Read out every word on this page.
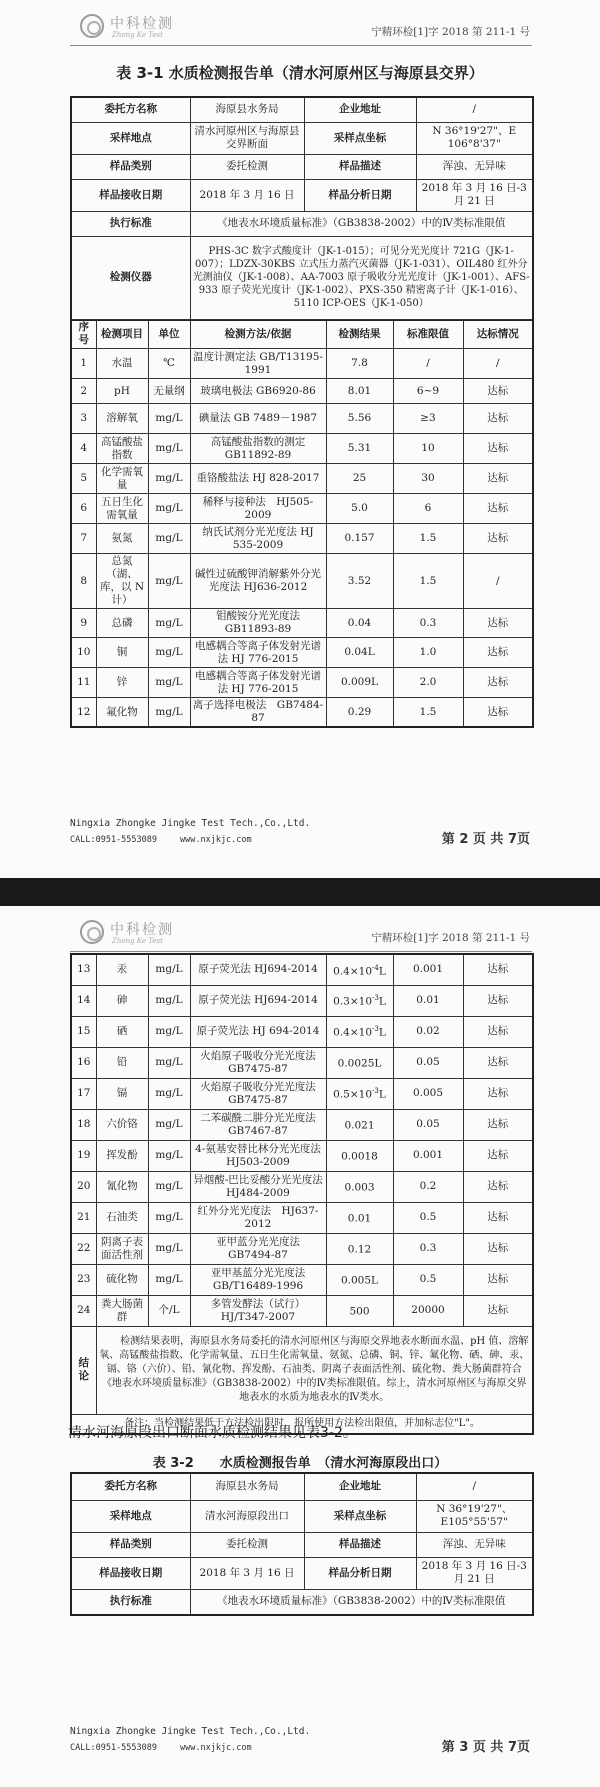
中科检测
Zhong Ke Test	宁精环检[1]字 2018 第 211-1 号
表 3-1 水质检测报告单（清水河原州区与海原县交界）
委托方名称	海原县水务局	企业地址	/
采样地点	清水河原州区与海原县交界断面	采样点坐标	N 36°19'27"、E 106°8'37"
样品类别	委托检测	样品描述	浑浊、无异味
样品接收日期	2018 年 3 月 16 日	样品分析日期	2018 年 3 月 16 日-3 月 21 日
执行标准	《地表水环境质量标准》（GB3838-2002）中的Ⅳ类标准限值		
检测仪器	PHS-3C 数字式酸度计（JK-1-015）；可见分光光度计 721G（JK-1-007）；LDZX-30KBS 立式压力蒸汽灭菌器（JK-1-031）、OIL480 红外分光测油仪（JK-1-008）、AA-7003 原子吸收分光光度计（JK-1-001）、AFS-933 原子荧光光度计（JK-1-002）、PXS-350 精密离子计（JK-1-016）、5110 ICP-OES（JK-1-050）		
序号	检测项目	单位	检测方法/依据	检测结果	标准限值	达标情况
1	水温	℃	温度计测定法 GB/T13195-1991	7.8	/	/
2	pH	无量纲	玻璃电极法 GB6920-86	8.01	6~9	达标
3	溶解氧	mg/L	碘量法 GB 7489－1987	5.56	≥3	达标
4	高锰酸盐指数	mg/L	高锰酸盐指数的测定 GB11892-89	5.31	10	达标
5	化学需氧量	mg/L	重铬酸盐法 HJ 828-2017	25	30	达标
6	五日生化需氧量	mg/L	稀释与接种法　HJ505-2009	5.0	6	达标
7	氨氮	mg/L	纳氏试剂分光光度法 HJ 535-2009	0.157	1.5	达标
8	总氮（湖、库，以 N 计）	mg/L	碱性过硫酸钾消解紫外分光光度法 HJ636-2012	3.52	1.5	/
9	总磷	mg/L	钼酸铵分光光度法 GB11893-89	0.04	0.3	达标
10	铜	mg/L	电感耦合等离子体发射光谱法 HJ 776-2015	0.04L	1.0	达标
11	锌	mg/L	电感耦合等离子体发射光谱法 HJ 776-2015	0.009L	2.0	达标
12	氟化物	mg/L	离子选择电极法　GB7484-87	0.29	1.5	达标
Ningxia Zhongke Jingke Test Tech.,Co.,Ltd.
CALL:0951-5553089	www.nxjkjc.com	第 2 页 共 7页
中科检测
Zhong Ke Test	宁精环检[1]字 2018 第 211-1 号
13	汞	mg/L	原子荧光法 HJ694-2014	$0.4\times 10^{-4}L$	0.001	达标
14	砷	mg/L	原子荧光法 HJ694-2014	$0.3\times 10^{-3}L$	0.01	达标
15	硒	mg/L	原子荧光法 HJ 694-2014	$0.4\times 10^{-3}L$	0.02	达标
16	铅	mg/L	火焰原子吸收分光光度法 GB7475-87	0.0025L	0.05	达标
17	镉	mg/L	火焰原子吸收分光光度法 GB7475-87	$0.5\times 10^{-3}L$	0.005	达标
18	六价铬	mg/L	二苯碳酰二肼分光光度法 GB7467-87	0.021	0.05	达标
19	挥发酚	mg/L	4-氨基安替比林分光光度法 HJ503-2009	0.0018	0.001	达标
20	氰化物	mg/L	异烟酸-巴比妥酸分光光度法 HJ484-2009	0.003	0.2	达标
21	石油类	mg/L	红外分光光度法　HJ637-2012	0.01	0.5	达标
22	阴离子表面活性剂	mg/L	亚甲蓝分光光度法　GB7494-87	0.12	0.3	达标
23	硫化物	mg/L	亚甲基蓝分光光度法 GB/T16489-1996	0.005L	0.5	达标
24	粪大肠菌群	个/L	多管发酵法（试行） HJ/T347-2007	500	20000	达标
结论	检测结果表明，海原县水务局委托的清水河原州区与海原交界地表水断面水温、pH 值、溶解氧、高锰酸盐指数、化学需氧量、五日生化需氧量、氨氮、总磷、铜、锌、氟化物、硒、砷、汞、镉、铬（六价）、铅、氰化物、挥发酚、石油类、阴离子表面活性剂、硫化物、粪大肠菌群符合《地表水环境质量标准》（GB3838-2002）中的Ⅳ类标准限值。综上，清水河原州区与海原交界地表水的水质为地表水的Ⅳ类水。					
备注：当检测结果低于方法检出限时，报所使用方法检出限值，并加标志位"L"。						
清水河海原段出口断面水质检测结果见表3-2。
表 3-2　　水质检测报告单　（清水河海原段出口）
委托方名称	海原县水务局	企业地址	/
采样地点	清水河海原段出口	采样点坐标	N 36°19'27"、E105°55'57"
样品类别	委托检测	样品描述	浑浊、无异味
样品接收日期	2018 年 3 月 16 日	样品分析日期	2018 年 3 月 16 日-3 月 21 日
执行标准	《地表水环境质量标准》（GB3838-2002）中的Ⅳ类标准限值		
Ningxia Zhongke Jingke Test Tech.,Co.,Ltd.
CALL:0951-5553089	www.nxjkjc.com	第 3 页 共 7页
